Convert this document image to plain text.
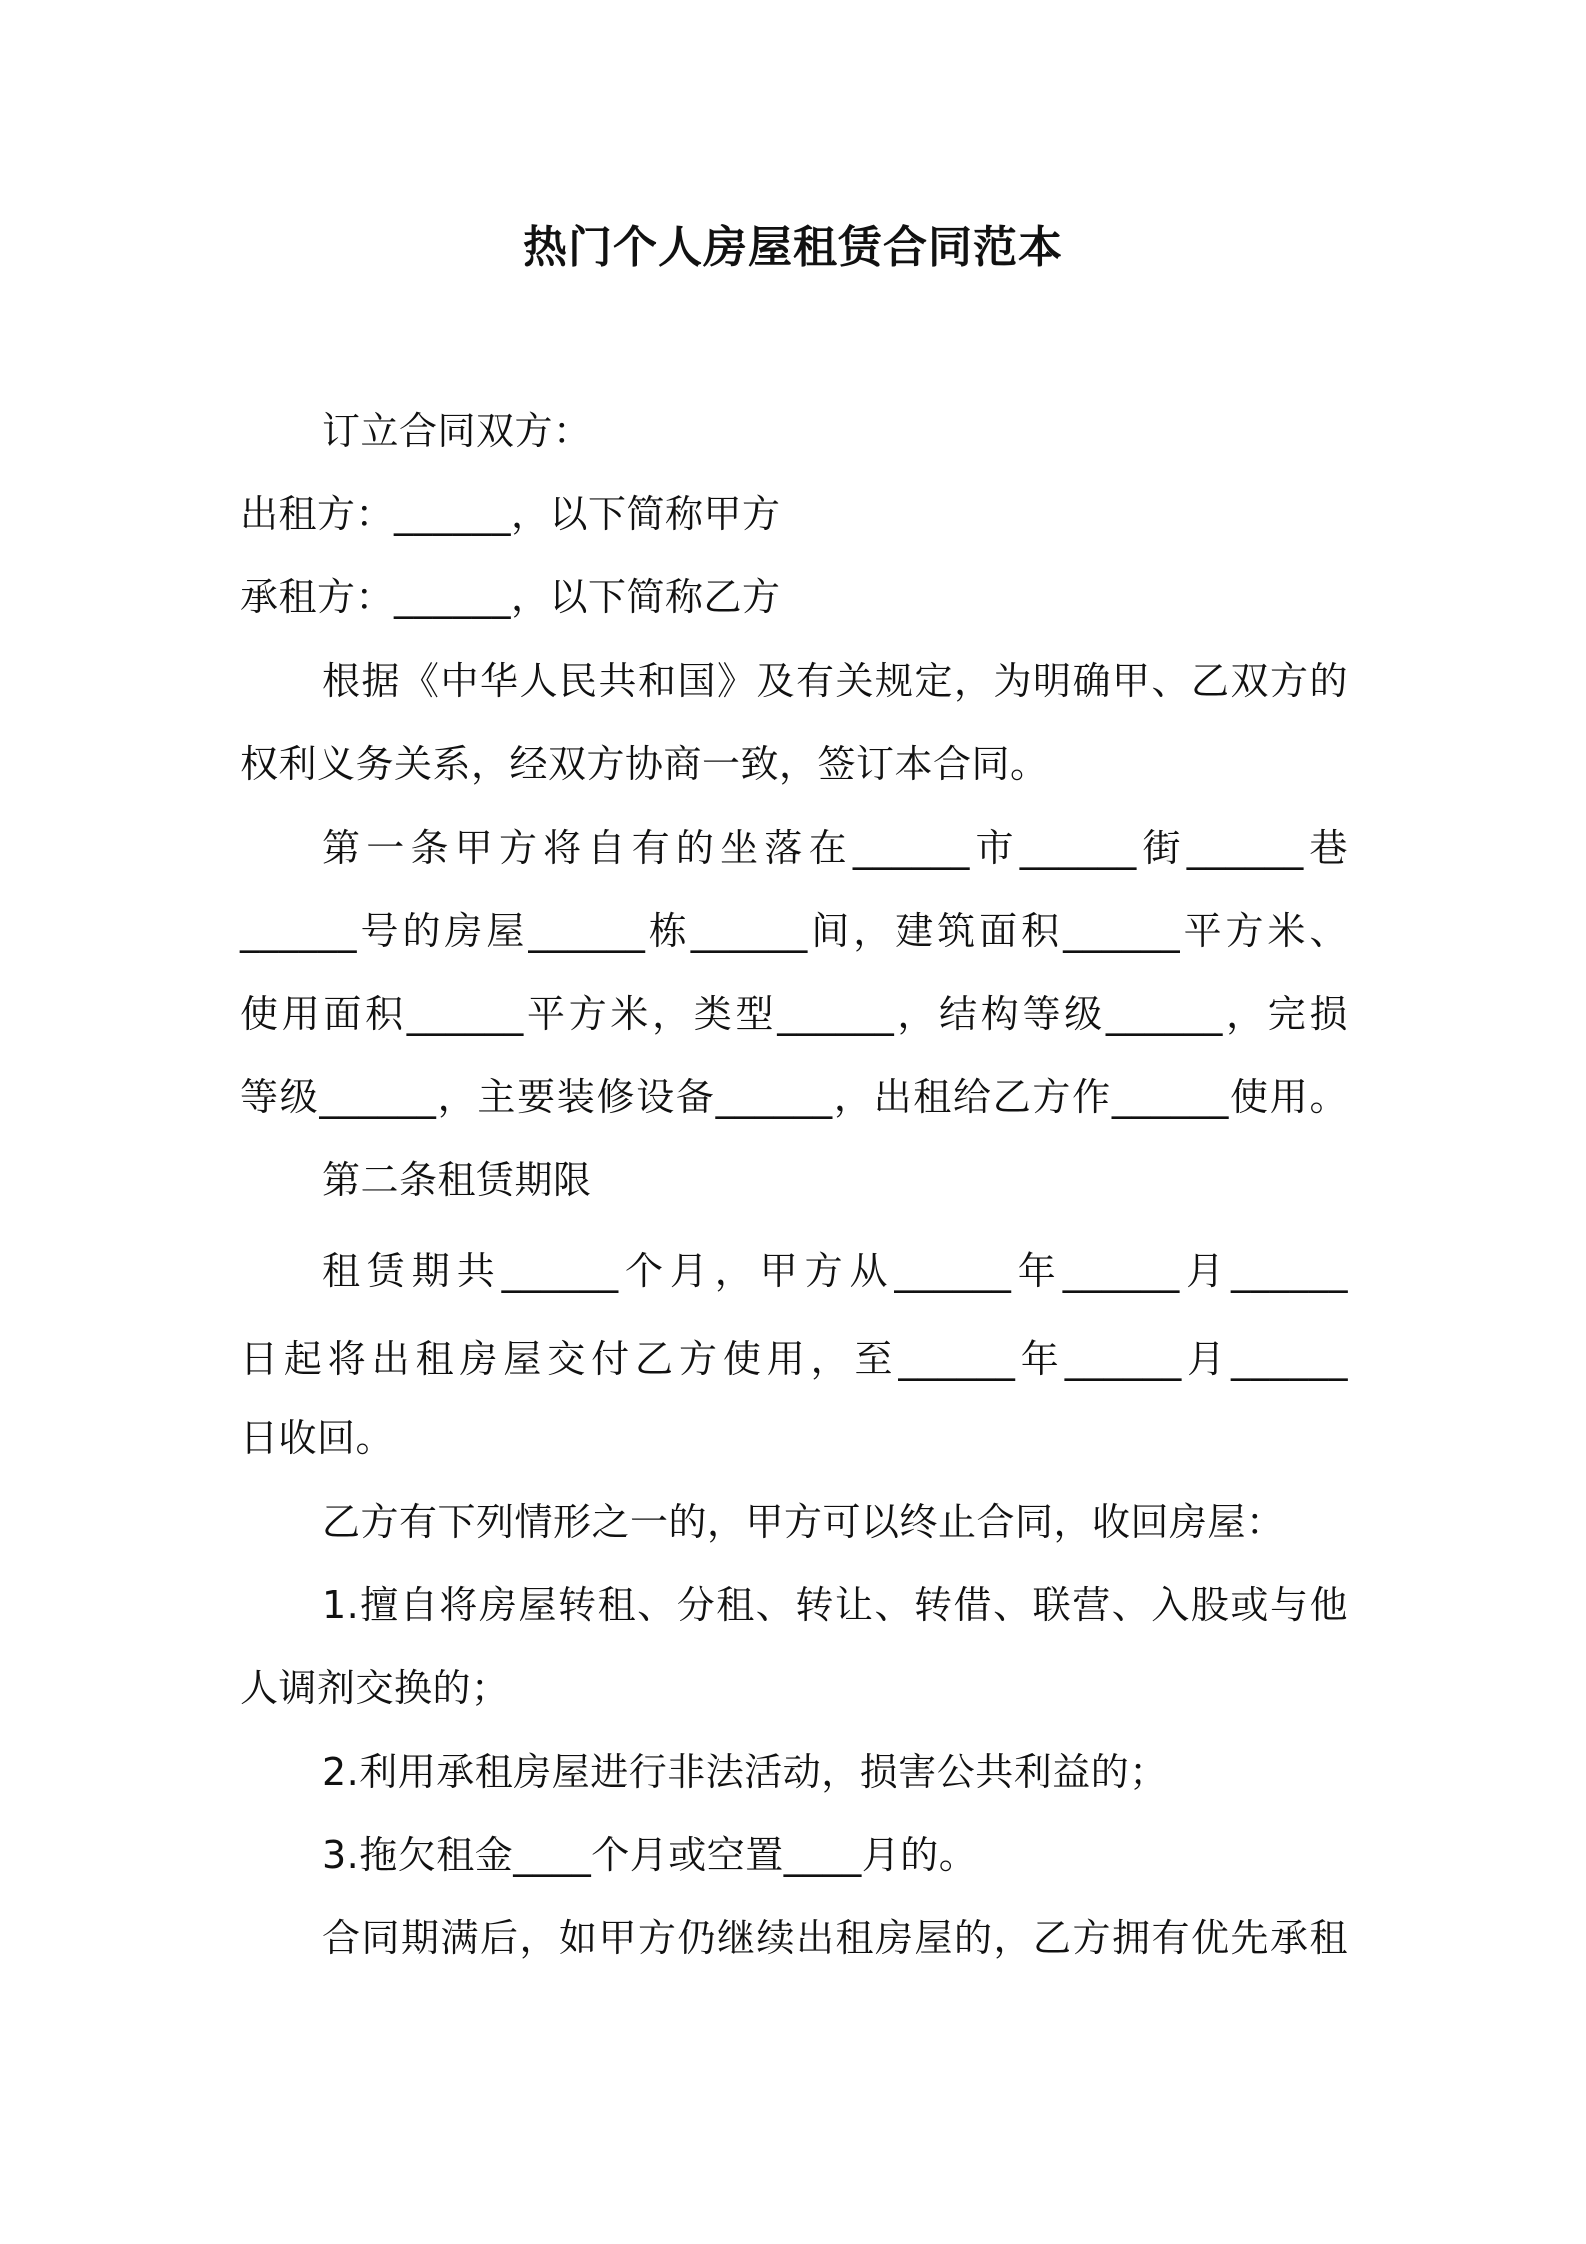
热门个人房屋租赁合同范本
订立合同双方：
出租方：______，以下简称甲方
承租方：______，以下简称乙方
根据《中华人民共和国》及有关规定，为明确甲、乙双方的
权利义务关系，经双方协商一致，签订本合同。
第一条甲方将自有的坐落在______市______街______巷
______号的房屋______栋______间，建筑面积______平方米、
使用面积______平方米，类型______，结构等级______，完损
等级______，主要装修设备______，出租给乙方作______使用。
第二条租赁期限
租赁期共______个月，甲方从______年______月______
日起将出租房屋交付乙方使用，至______年______月______
日收回。
乙方有下列情形之一的，甲方可以终止合同，收回房屋：
1.擅自将房屋转租、分租、转让、转借、联营、入股或与他
人调剂交换的；
2.利用承租房屋进行非法活动，损害公共利益的；
3.拖欠租金____个月或空置____月的。
合同期满后，如甲方仍继续出租房屋的，乙方拥有优先承租
